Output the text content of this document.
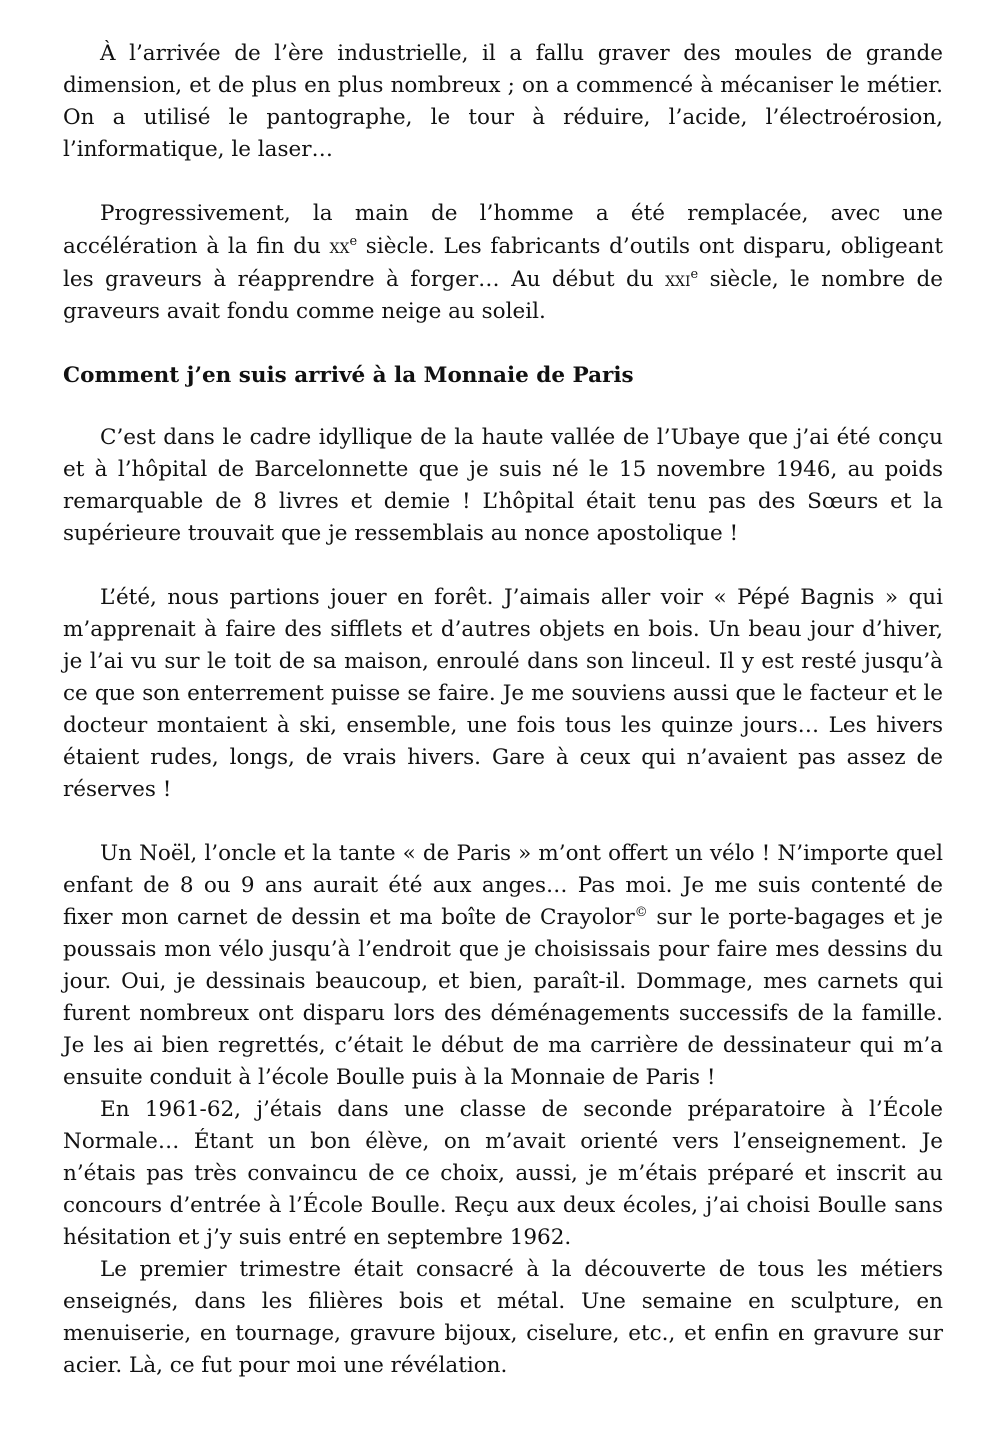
À l’arrivée de l’ère industrielle, il a fallu graver des moules de grande dimension, et de plus en plus nombreux ; on a commencé à mécaniser le métier. On a utilisé le pantographe, le tour à réduire, l’acide, l’électroérosion, l’informatique, le laser…

Progressivement, la main de l’homme a été remplacée, avec une accélération à la fin du $xx^e$ siècle. Les fabricants d’outils ont disparu, obligeant les graveurs à réapprendre à forger… Au début du xxi$^e$ siècle, le nombre de graveurs avait fondu comme neige au soleil.

Comment j’en suis arrivé à la Monnaie de Paris

C’est dans le cadre idyllique de la haute vallée de l’Ubaye que j’ai été conçu et à l’hôpital de Barcelonnette que je suis né le 15 novembre 1946, au poids remarquable de 8 livres et demie ! L’hôpital était tenu pas des Sœurs et la supérieure trouvait que je ressemblais au nonce apostolique !

L’été, nous partions jouer en forêt. J’aimais aller voir « Pépé Bagnis » qui m’apprenait à faire des sifflets et d’autres objets en bois. Un beau jour d’hiver, je l’ai vu sur le toit de sa maison, enroulé dans son linceul. Il y est resté jusqu’à ce que son enterrement puisse se faire. Je me souviens aussi que le facteur et le docteur montaient à ski, ensemble, une fois tous les quinze jours… Les hivers étaient rudes, longs, de vrais hivers. Gare à ceux qui n’avaient pas assez de réserves !

Un Noël, l’oncle et la tante « de Paris » m’ont offert un vélo ! N’importe quel enfant de 8 ou 9 ans aurait été aux anges… Pas moi. Je me suis contenté de fixer mon carnet de dessin et ma boîte de Crayolor© sur le porte-bagages et je poussais mon vélo jusqu’à l’endroit que je choisissais pour faire mes dessins du jour. Oui, je dessinais beaucoup, et bien, paraît-il. Dommage, mes carnets qui furent nombreux ont disparu lors des déménagements successifs de la famille. Je les ai bien regrettés, c’était le début de ma carrière de dessinateur qui m’a ensuite conduit à l’école Boulle puis à la Monnaie de Paris !

En 1961-62, j’étais dans une classe de seconde préparatoire à l’École Normale… Étant un bon élève, on m’avait orienté vers l’enseignement. Je n’étais pas très convaincu de ce choix, aussi, je m’étais préparé et inscrit au concours d’entrée à l’École Boulle. Reçu aux deux écoles, j’ai choisi Boulle sans hésitation et j’y suis entré en septembre 1962.

Le premier trimestre était consacré à la découverte de tous les métiers enseignés, dans les filières bois et métal. Une semaine en sculpture, en menuiserie, en tournage, gravure bijoux, ciselure, etc., et enfin en gravure sur acier. Là, ce fut pour moi une révélation.
